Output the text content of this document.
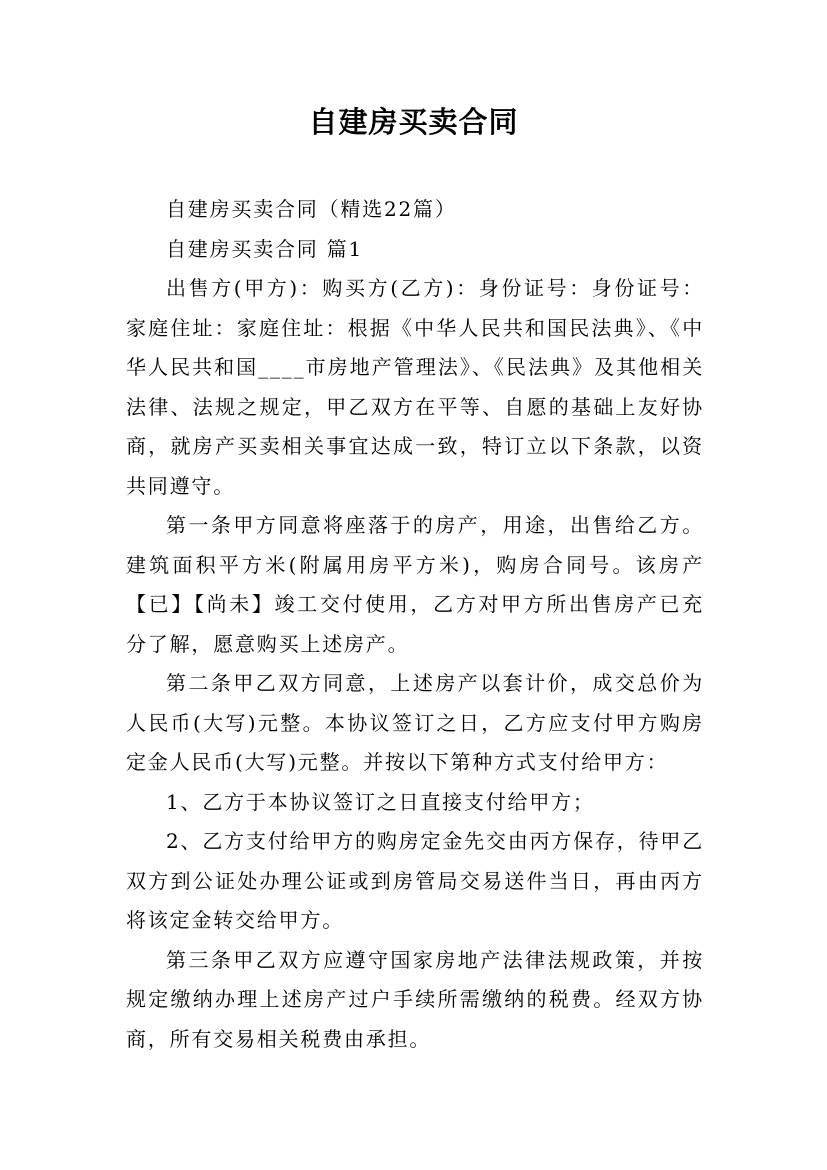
自建房买卖合同

自建房买卖合同（精选22篇）

自建房买卖合同 篇1

出售方(甲方)：购买方(乙方)：身份证号：身份证号：家庭住址：家庭住址：根据《中华人民共和国民法典》、《中华人民共和国____市房地产管理法》、《民法典》及其他相关法律、法规之规定，甲乙双方在平等、自愿的基础上友好协商，就房产买卖相关事宜达成一致，特订立以下条款，以资共同遵守。

第一条甲方同意将座落于的房产，用途，出售给乙方。建筑面积平方米(附属用房平方米)，购房合同号。该房产【已】【尚未】竣工交付使用，乙方对甲方所出售房产已充分了解，愿意购买上述房产。

第二条甲乙双方同意，上述房产以套计价，成交总价为人民币(大写)元整。本协议签订之日，乙方应支付甲方购房定金人民币(大写)元整。并按以下第种方式支付给甲方：

1、乙方于本协议签订之日直接支付给甲方；

2、乙方支付给甲方的购房定金先交由丙方保存，待甲乙双方到公证处办理公证或到房管局交易送件当日，再由丙方将该定金转交给甲方。

第三条甲乙双方应遵守国家房地产法律法规政策，并按规定缴纳办理上述房产过户手续所需缴纳的税费。经双方协商，所有交易相关税费由承担。
